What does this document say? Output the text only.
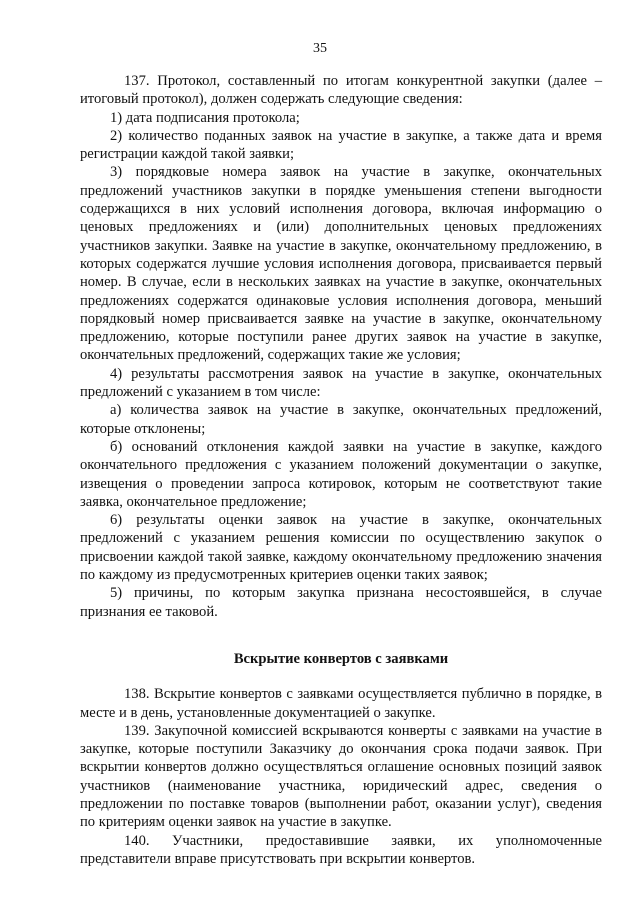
35

137. Протокол, составленный по итогам конкурентной закупки (далее – итоговый протокол), должен содержать следующие сведения:

1) дата подписания протокола;

2) количество поданных заявок на участие в закупке, а также дата и время регистрации каждой такой заявки;

3) порядковые номера заявок на участие в закупке, окончательных предложений участников закупки в порядке уменьшения степени выгодности содержащихся в них условий исполнения договора, включая информацию о ценовых предложениях и (или) дополнительных ценовых предложениях участников закупки. Заявке на участие в закупке, окончательному предложению, в которых содержатся лучшие условия исполнения договора, присваивается первый номер. В случае, если в нескольких заявках на участие в закупке, окончательных предложениях содержатся одинаковые условия исполнения договора, меньший порядковый номер присваивается заявке на участие в закупке, окончательному предложению, которые поступили ранее других заявок на участие в закупке, окончательных предложений, содержащих такие же условия;

4) результаты рассмотрения заявок на участие в закупке, окончательных предложений с указанием в том числе:

а) количества заявок на участие в закупке, окончательных предложений, которые отклонены;

б) оснований отклонения каждой заявки на участие в закупке, каждого окончательного предложения с указанием положений документации о закупке, извещения о проведении запроса котировок, которым не соответствуют такие заявка, окончательное предложение;

6) результаты оценки заявок на участие в закупке, окончательных предложений с указанием решения комиссии по осуществлению закупок о присвоении каждой такой заявке, каждому окончательному предложению значения по каждому из предусмотренных критериев оценки таких заявок;

5) причины, по которым закупка признана несостоявшейся, в случае признания ее таковой.

Вскрытие конвертов с заявками

138. Вскрытие конвертов с заявками осуществляется публично в порядке, в месте и в день, установленные документацией о закупке.

139. Закупочной комиссией вскрываются конверты с заявками на участие в закупке, которые поступили Заказчику до окончания срока подачи заявок. При вскрытии конвертов должно осуществляться оглашение основных позиций заявок участников (наименование участника, юридический адрес, сведения о предложении по поставке товаров (выполнении работ, оказании услуг), сведения по критериям оценки заявок на участие в закупке.

140. Участники, предоставившие заявки, их уполномоченные представители вправе присутствовать при вскрытии конвертов.
